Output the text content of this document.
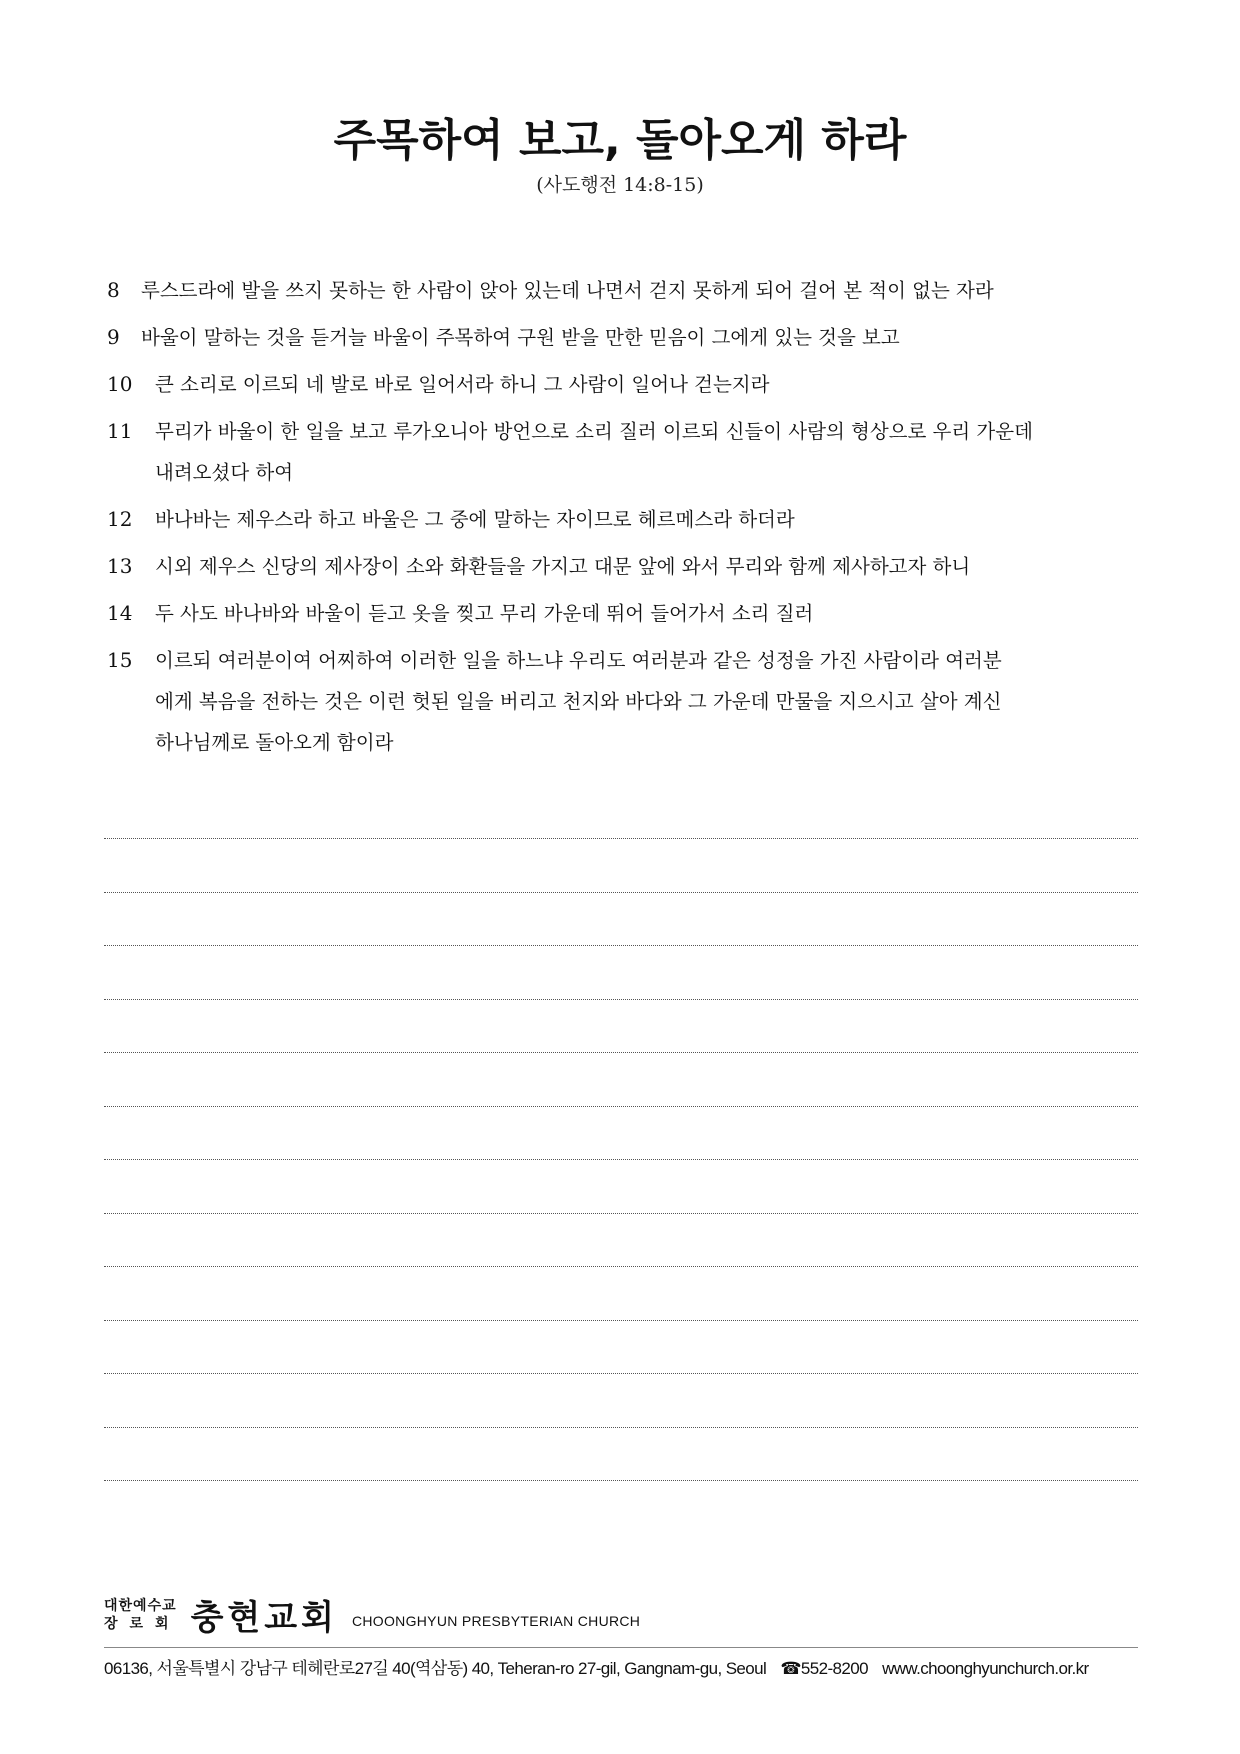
주목하여 보고, 돌아오게 하라
(사도행전 14:8-15)
8	루스드라에 발을 쓰지 못하는 한 사람이 앉아 있는데 나면서 걷지 못하게 되어 걸어 본 적이 없는 자라
9	바울이 말하는 것을 듣거늘 바울이 주목하여 구원 받을 만한 믿음이 그에게 있는 것을 보고
10	큰 소리로 이르되 네 발로 바로 일어서라 하니 그 사람이 일어나 걷는지라
11	무리가 바울이 한 일을 보고 루가오니아 방언으로 소리 질러 이르되 신들이 사람의 형상으로 우리 가운데
내려오셨다 하여
12	바나바는 제우스라 하고 바울은 그 중에 말하는 자이므로 헤르메스라 하더라
13	시외 제우스 신당의 제사장이 소와 화환들을 가지고 대문 앞에 와서 무리와 함께 제사하고자 하니
14	두 사도 바나바와 바울이 듣고 옷을 찢고 무리 가운데 뛰어 들어가서 소리 질러
15	이르되 여러분이여 어찌하여 이러한 일을 하느냐 우리도 여러분과 같은 성정을 가진 사람이라 여러분
에게 복음을 전하는 것은 이런 헛된 일을 버리고 천지와 바다와 그 가운데 만물을 지으시고 살아 계신
하나님께로 돌아오게 함이라
대한예수교
장로회 충현교회 CHOONGHYUN PRESBYTERIAN CHURCH
06136, 서울특별시 강남구 테헤란로27길 40(역삼동) 40, Teheran-ro 27-gil, Gangnam-gu, Seoul ☎552-8200 www.choonghyunchurch.or.kr
